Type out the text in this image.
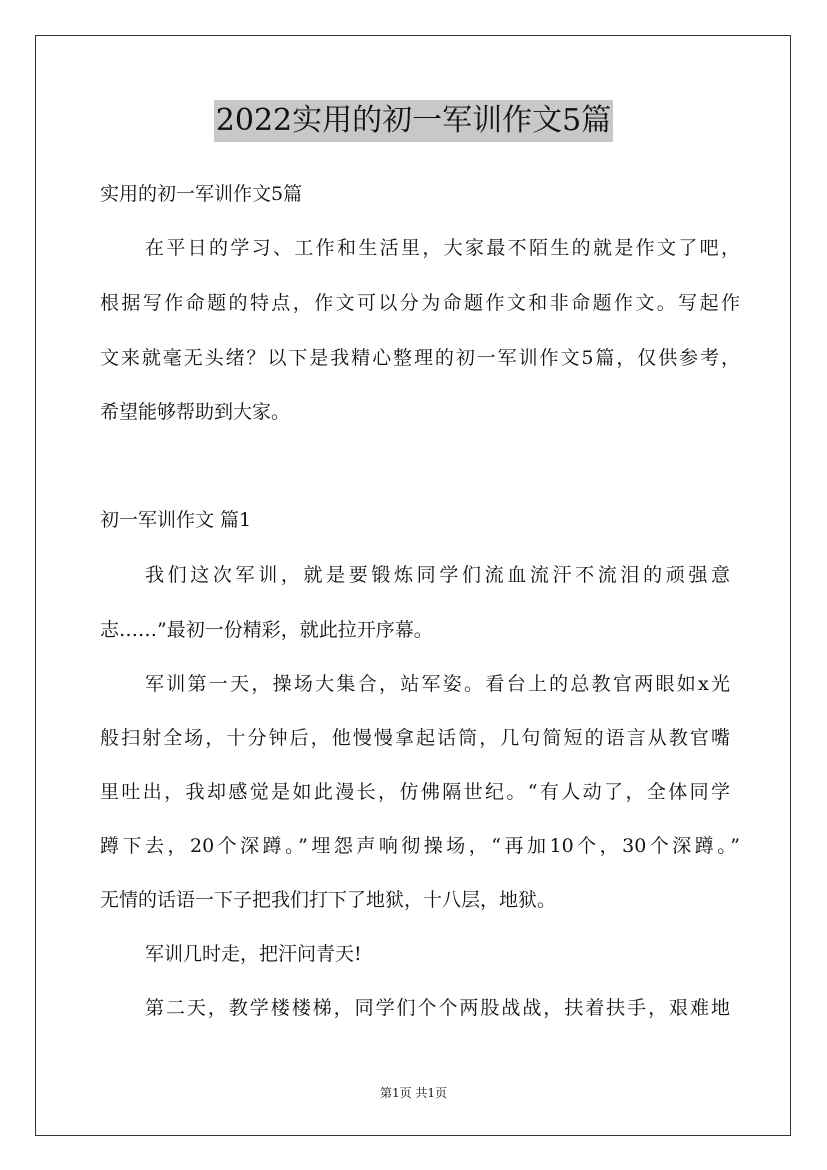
2022实用的初一军训作文5篇
实用的初一军训作文5篇
在平日的学习、工作和生活里，大家最不陌生的就是作文了吧，
根据写作命题的特点，作文可以分为命题作文和非命题作文。写起作
文来就毫无头绪？以下是我精心整理的初一军训作文5篇，仅供参考，
希望能够帮助到大家。
初一军训作文 篇1
我们这次军训，就是要锻炼同学们流血流汗不流泪的顽强意
志……”最初一份精彩，就此拉开序幕。
军训第一天，操场大集合，站军姿。看台上的总教官两眼如x光
般扫射全场，十分钟后，他慢慢拿起话筒，几句简短的语言从教官嘴
里吐出，我却感觉是如此漫长，仿佛隔世纪。“有人动了，全体同学
蹲下去，20个深蹲。”埋怨声响彻操场，“再加10个，30个深蹲。”
无情的话语一下子把我们打下了地狱，十八层，地狱。
军训几时走，把汗问青天!
第二天，教学楼楼梯，同学们个个两股战战，扶着扶手，艰难地
第1页 共1页
